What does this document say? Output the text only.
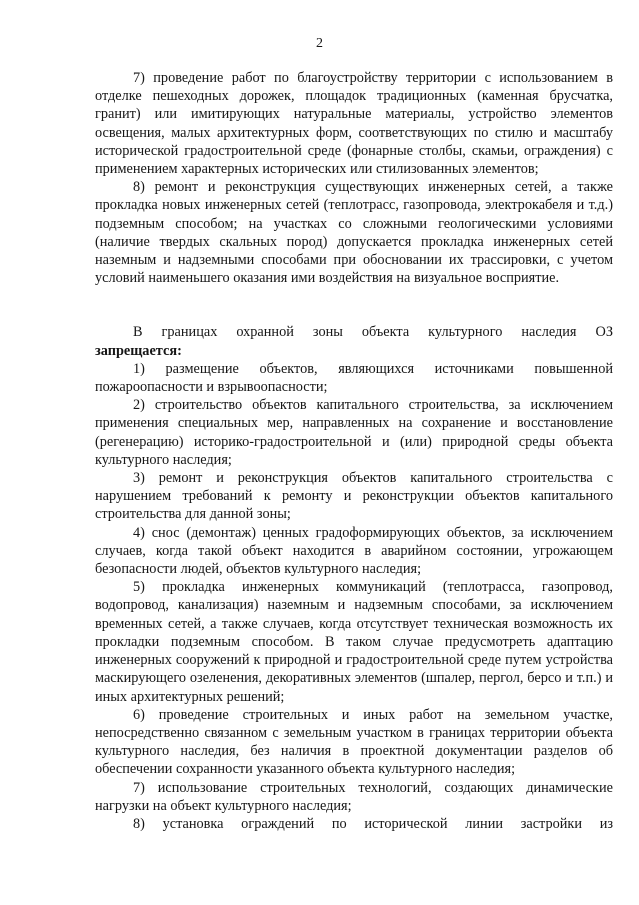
2

7) проведение работ по благоустройству территории с использованием в отделке пешеходных дорожек, площадок традиционных (каменная брусчатка, гранит) или имитирующих натуральные материалы, устройство элементов освещения, малых архитектурных форм, соответствующих по стилю и масштабу исторической градостроительной среде (фонарные столбы, скамьи, ограждения) с применением характерных исторических или стилизованных элементов;

8) ремонт и реконструкция существующих инженерных сетей, а также прокладка новых инженерных сетей (теплотрасс, газопровода, электрокабеля и т.д.) подземным способом; на участках со сложными геологическими условиями (наличие твердых скальных пород) допускается прокладка инженерных сетей наземным и надземными способами при обосновании их трассировки, с учетом условий наименьшего оказания ими воздействия на визуальное восприятие.

В границах охранной зоны объекта культурного наследия ОЗ

запрещается:

1) размещение объектов, являющихся источниками повышенной пожароопасности и взрывоопасности;

2) строительство объектов капитального строительства, за исключением применения специальных мер, направленных на сохранение и восстановление (регенерацию) историко-градостроительной и (или) природной среды объекта культурного наследия;

3) ремонт и реконструкция объектов капитального строительства с нарушением требований к ремонту и реконструкции объектов капитального строительства для данной зоны;

4) снос (демонтаж) ценных градоформирующих объектов, за исключением случаев, когда такой объект находится в аварийном состоянии, угрожающем безопасности людей, объектов культурного наследия;

5) прокладка инженерных коммуникаций (теплотрасса, газопровод, водопровод, канализация) наземным и надземным способами, за исключением временных сетей, а также случаев, когда отсутствует техническая возможность их прокладки подземным способом. В таком случае предусмотреть адаптацию инженерных сооружений к природной и градостроительной среде путем устройства маскирующего озеленения, декоративных элементов (шпалер, пергол, берсо и т.п.) и иных архитектурных решений;

6) проведение строительных и иных работ на земельном участке, непосредственно связанном с земельным участком в границах территории объекта культурного наследия, без наличия в проектной документации разделов об обеспечении сохранности указанного объекта культурного наследия;

7) использование строительных технологий, создающих динамические нагрузки на объект культурного наследия;

8) установка ограждений по исторической линии застройки из
